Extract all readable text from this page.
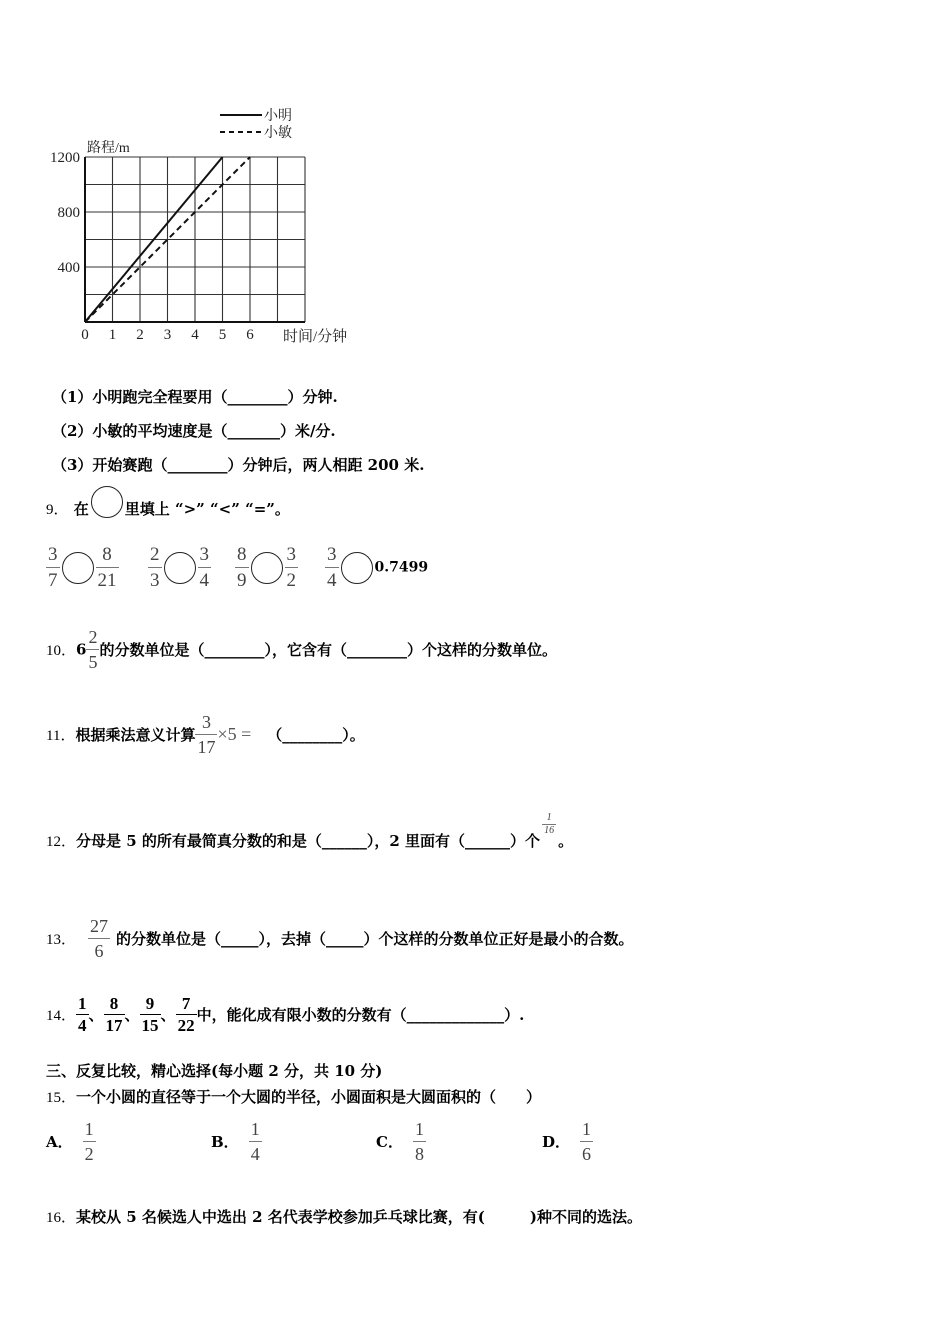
0 1 2 3 4 5 6
400
800
1200
小明
小敏
路程/m
时间/分钟
（1）小明跑完全程要用（________）分钟.
（2）小敏的平均速度是（_______）米/分.
（3）开始赛跑（________）分钟后，两人相距 200 米.
9． 在 里填上 “>” “<” “=”。
$\frac{3}{7} \frac{8}{21} \frac{2}{3} \frac{3}{4} \frac{8}{9} \frac{3}{2} \frac{3}{4}$	0.7499
10．$6 \frac{2}{5}$ 的分数单位是（________），它含有（________）个这样的分数单位。
11．根据乘法意义计算 $\frac{3}{17} \times 5$ = （________）。
12．分母是 5 的所有最简真分数的和是（______），2 里面有（______）个
$\frac{1}{16}$
。
13． $\frac{27}{6}$ 的分数单位是（_____），去掉（_____）个这样的分数单位正好是最小的合数。
14． $\frac{1}{4}$ 、 $\frac{8}{17}$ 、 $\frac{9}{15}$ 、 $\frac{7}{22}$ 中，能化成有限小数的分数有（_____________）.
三、反复比较，精心选择(每小题 2 分，共 10 分)
15．一个小圆的直径等于一个大圆的半径，小圆面积是大圆面积的（　　）
A． $\frac{1}{2}$	B． $\frac{1}{4}$	C． $\frac{1}{8}$	D． $\frac{1}{6}$
16．某校从 5 名候选人中选出 2 名代表学校参加乒乓球比赛，有(　　　)种不同的选法。
